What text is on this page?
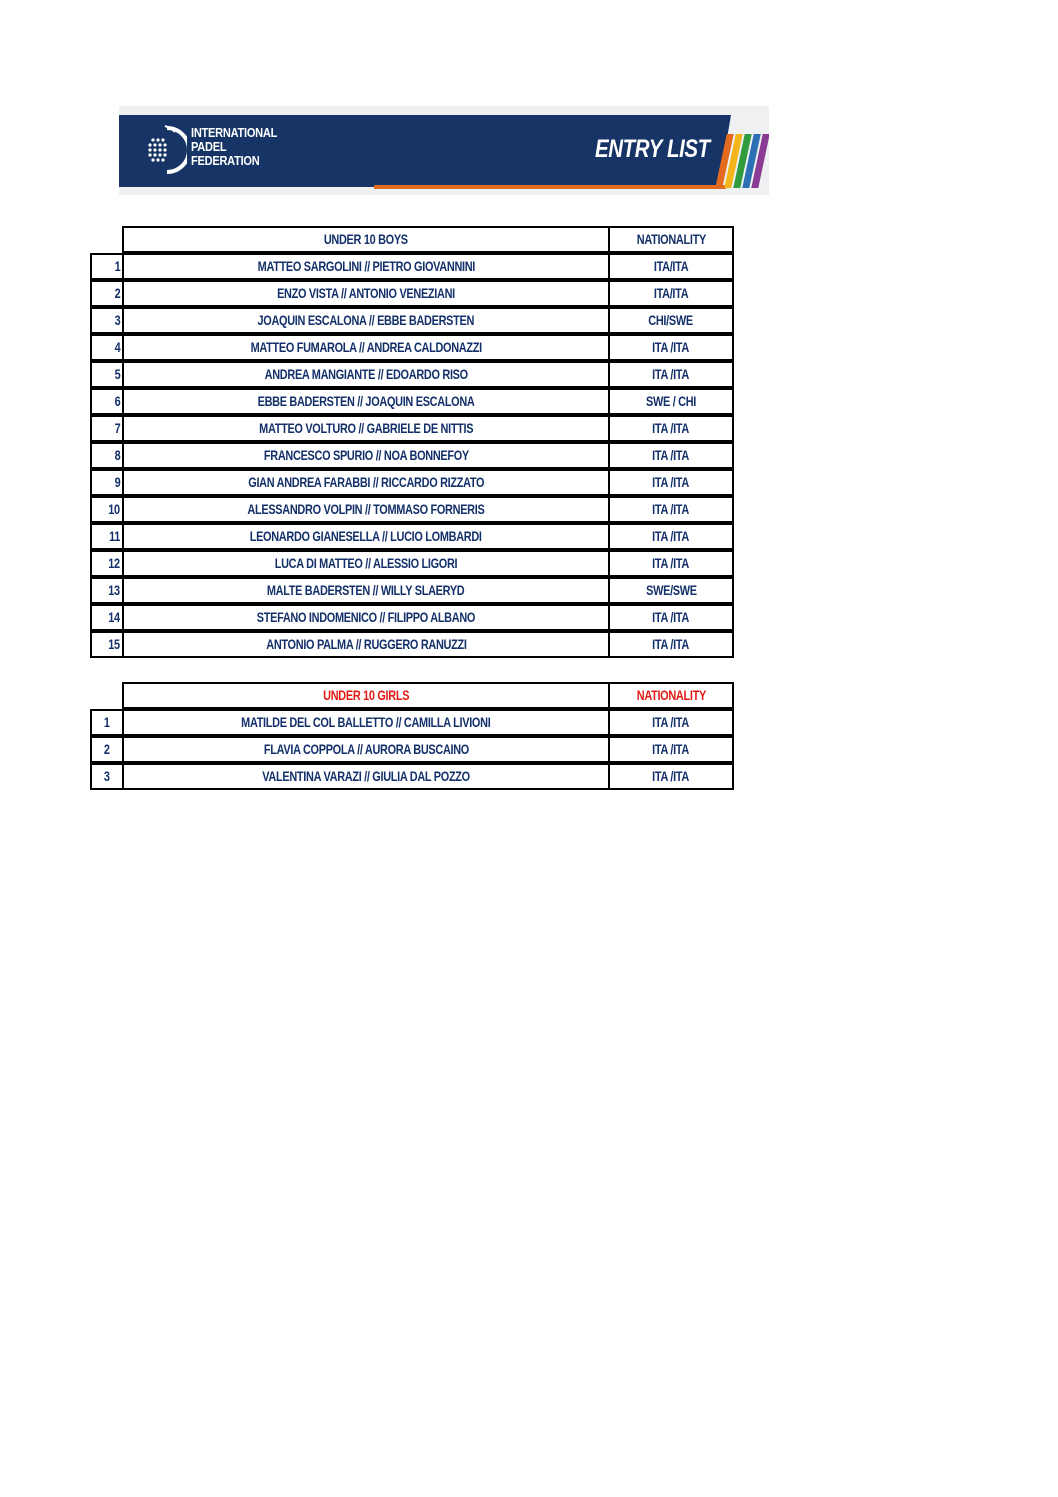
INTERNATIONAL
PADEL
FEDERATION	ENTRY LIST
UNDER 10 BOYS	NATIONALITY
1	MATTEO SARGOLINI // PIETRO GIOVANNINI	ITA/ITA
2	ENZO VISTA // ANTONIO VENEZIANI	ITA/ITA
3	JOAQUIN ESCALONA // EBBE BADERSTEN	CHI/SWE
4	MATTEO FUMAROLA // ANDREA CALDONAZZI	ITA /ITA
5	ANDREA MANGIANTE // EDOARDO RISO	ITA /ITA
6	EBBE BADERSTEN // JOAQUIN ESCALONA	SWE / CHI
7	MATTEO VOLTURO // GABRIELE DE NITTIS	ITA /ITA
8	FRANCESCO SPURIO // NOA BONNEFOY	ITA /ITA
9	GIAN ANDREA FARABBI // RICCARDO RIZZATO	ITA /ITA
10	ALESSANDRO VOLPIN // TOMMASO FORNERIS	ITA /ITA
11	LEONARDO GIANESELLA // LUCIO LOMBARDI	ITA /ITA
12	LUCA DI MATTEO // ALESSIO LIGORI	ITA /ITA
13	MALTE BADERSTEN // WILLY SLAERYD	SWE/SWE
14	STEFANO INDOMENICO // FILIPPO ALBANO	ITA /ITA
15	ANTONIO PALMA // RUGGERO RANUZZI	ITA /ITA
UNDER 10 GIRLS	NATIONALITY
1	MATILDE DEL COL BALLETTO // CAMILLA LIVIONI	ITA /ITA
2	FLAVIA COPPOLA // AURORA BUSCAINO	ITA /ITA
3	VALENTINA VARAZI // GIULIA DAL POZZO	ITA /ITA
